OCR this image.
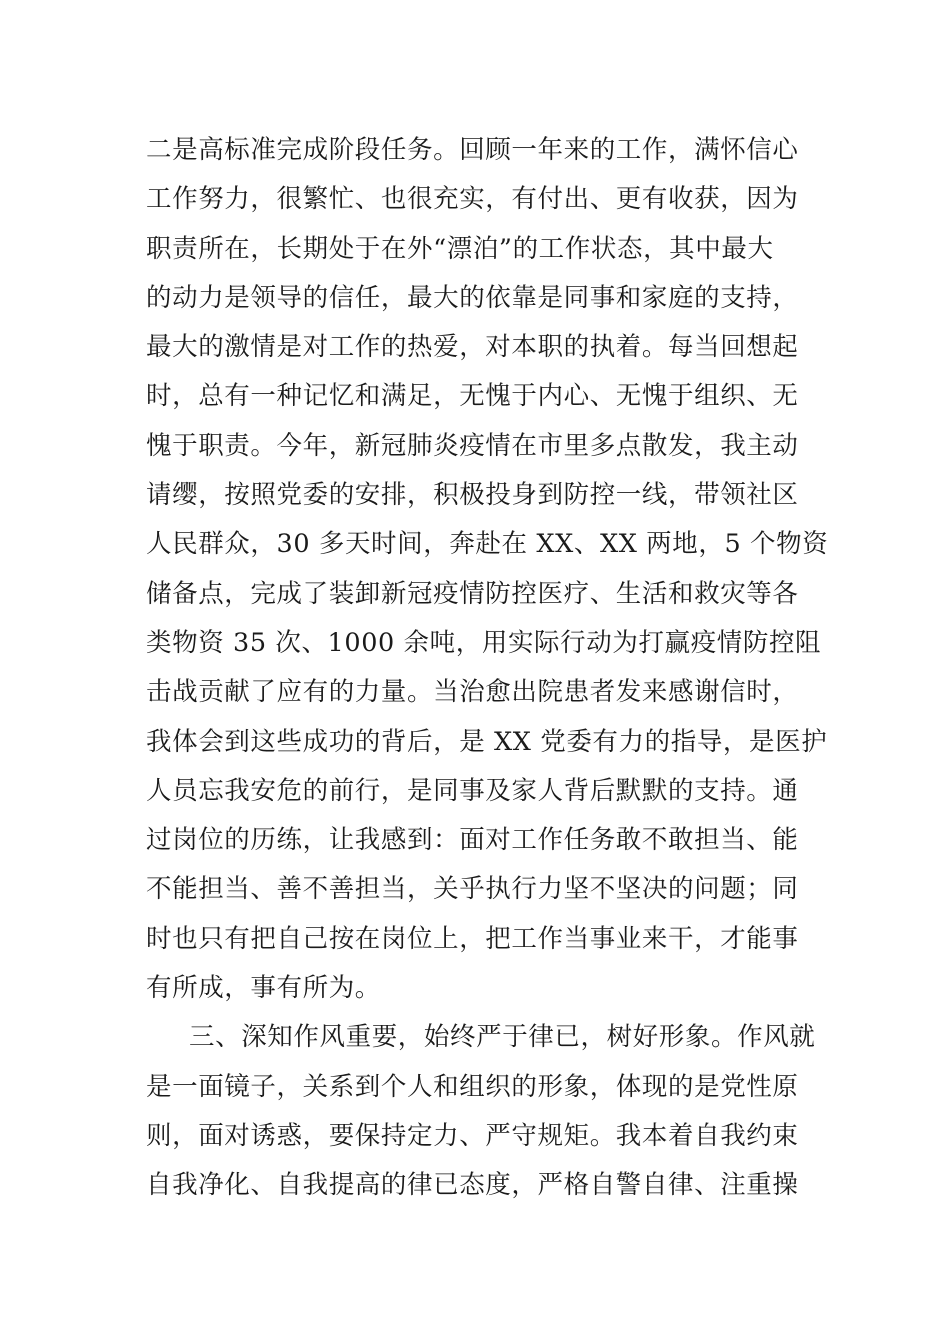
二是高标准完成阶段任务。回顾一年来的工作，满怀信心
工作努力，很繁忙、也很充实，有付出、更有收获，因为
职责所在，长期处于在外“漂泊”的工作状态，其中最大
的动力是领导的信任，最大的依靠是同事和家庭的支持，
最大的激情是对工作的热爱，对本职的执着。每当回想起
时，总有一种记忆和满足，无愧于内心、无愧于组织、无
愧于职责。今年，新冠肺炎疫情在市里多点散发，我主动
请缨，按照党委的安排，积极投身到防控一线，带领社区
人民群众，30 多天时间，奔赴在 XX、XX 两地，5 个物资
储备点，完成了装卸新冠疫情防控医疗、生活和救灾等各
类物资 35 次、1000 余吨，用实际行动为打赢疫情防控阻
击战贡献了应有的力量。当治愈出院患者发来感谢信时，
我体会到这些成功的背后，是 XX 党委有力的指导，是医护
人员忘我安危的前行，是同事及家人背后默默的支持。通
过岗位的历练，让我感到：面对工作任务敢不敢担当、能
不能担当、善不善担当，关乎执行力坚不坚决的问题；同
时也只有把自己按在岗位上，把工作当事业来干，才能事
有所成，事有所为。
三、深知作风重要，始终严于律已，树好形象。作风就
是一面镜子，关系到个人和组织的形象，体现的是党性原
则，面对诱惑，要保持定力、严守规矩。我本着自我约束
自我净化、自我提高的律已态度，严格自警自律、注重操
